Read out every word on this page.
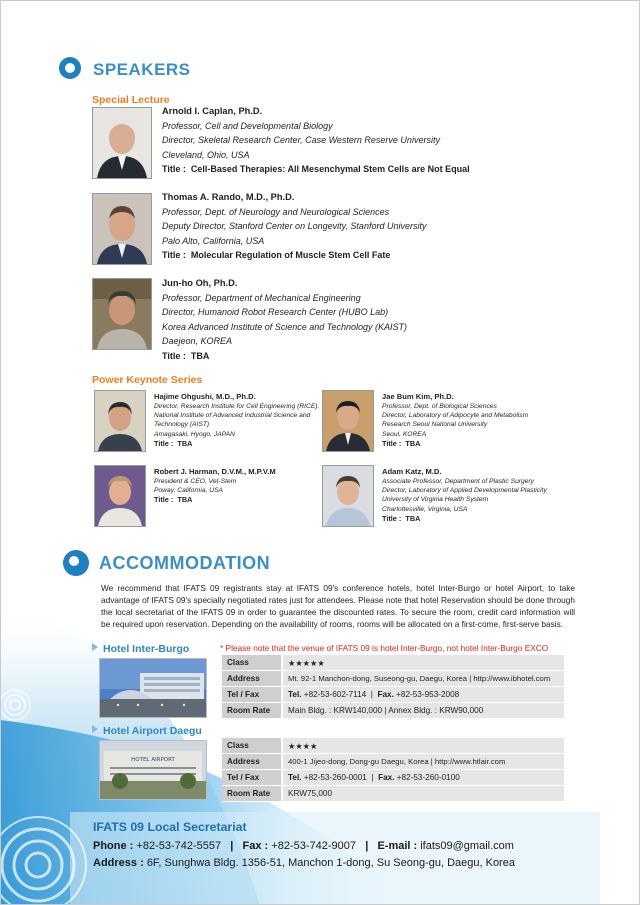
SPEAKERS
Special Lecture
Arnold I. Caplan, Ph.D.
Professor, Cell and Developmental Biology
Director, Skeletal Research Center, Case Western Reserve University
Cleveland, Ohio, USA
Title : Cell-Based Therapies: All Mesenchymal Stem Cells are Not Equal
Thomas A. Rando, M.D., Ph.D.
Professor, Dept. of Neurology and Neurological Sciences
Deputy Director, Stanford Center on Longevity, Stanford University
Palo Alto, California, USA
Title : Molecular Regulation of Muscle Stem Cell Fate
Jun-ho Oh, Ph.D.
Professor, Department of Mechanical Engineering
Director, Humanoid Robot Research Center (HUBO Lab)
Korea Advanced Institute of Science and Technology (KAIST)
Daejeon, KOREA
Title : TBA
Power Keynote Series
Hajime Ohgushi, M.D., Ph.D.
Director, Research Institute for Cell Engineering (RICE),
National Institute of Advanced Industrial Science and
Technology (AIST)
Amagasaki, Hyogo, JAPAN
Title : TBA
Jae Bum Kim, Ph.D.
Professor, Dept. of Biological Sciences
Director, Laboratory of Adipocyte and Metabolism
Research Seoul National University
Seoul, KOREA
Title : TBA
Robert J. Harman, D.V.M., M.P.V.M
President & CEO, Vet-Stem
Poway, California, USA
Title : TBA
Adam Katz, M.D.
Associate Professor, Department of Plastic Surgery
Director, Laboratory of Applied Developmental Plasticity
University of Virginia Health System
Charlottesville, Virginia, USA
Title : TBA
ACCOMMODATION
We recommend that IFATS 09 registrants stay at IFATS 09's conference hotels, hotel Inter-Burgo or hotel Airport, to take advantage of IFATS 09's specially negotiated rates just for attendees. Please note that hotel Reservation should be done through the local secretariat of the IFATS 09 in order to guarantee the discounted rates. To secure the room, credit card information will be required upon reservation. Depending on the availability of rooms, rooms will be allocated on a first-come, first-serve basis.
Hotel Inter-Burgo	* Please note that the venue of IFATS 09 is hotel Inter-Burgo, not hotel Inter-Burgo EXCO
Class	★★★★★
Address	Mt. 92-1 Manchon-dong, Suseong-gu, Daegu, Korea | http://www.ibhotel.com
Tel / Fax	Tel. +82-53-602-7114  |  Fax. +82-53-953-2008
Room Rate	Main Bldg. : KRW140,000 | Annex Bldg. : KRW90,000
Hotel Airport Daegu
HOTEL AIRPORT
Class	★★★★
Address	400-1 Jijeo-dong, Dong-gu Daegu, Korea | http://www.htlair.com
Tel / Fax	Tel. +82-53-260-0001  |  Fax. +82-53-260-0100
Room Rate	KRW75,000
IFATS 09 Local Secretariat
Phone : +82-53-742-5557 | Fax : +82-53-742-9007 | E-mail : ifats09@gmail.com
Address : 6F, Sunghwa Bldg. 1356-51, Manchon 1-dong, Su Seong-gu, Daegu, Korea
